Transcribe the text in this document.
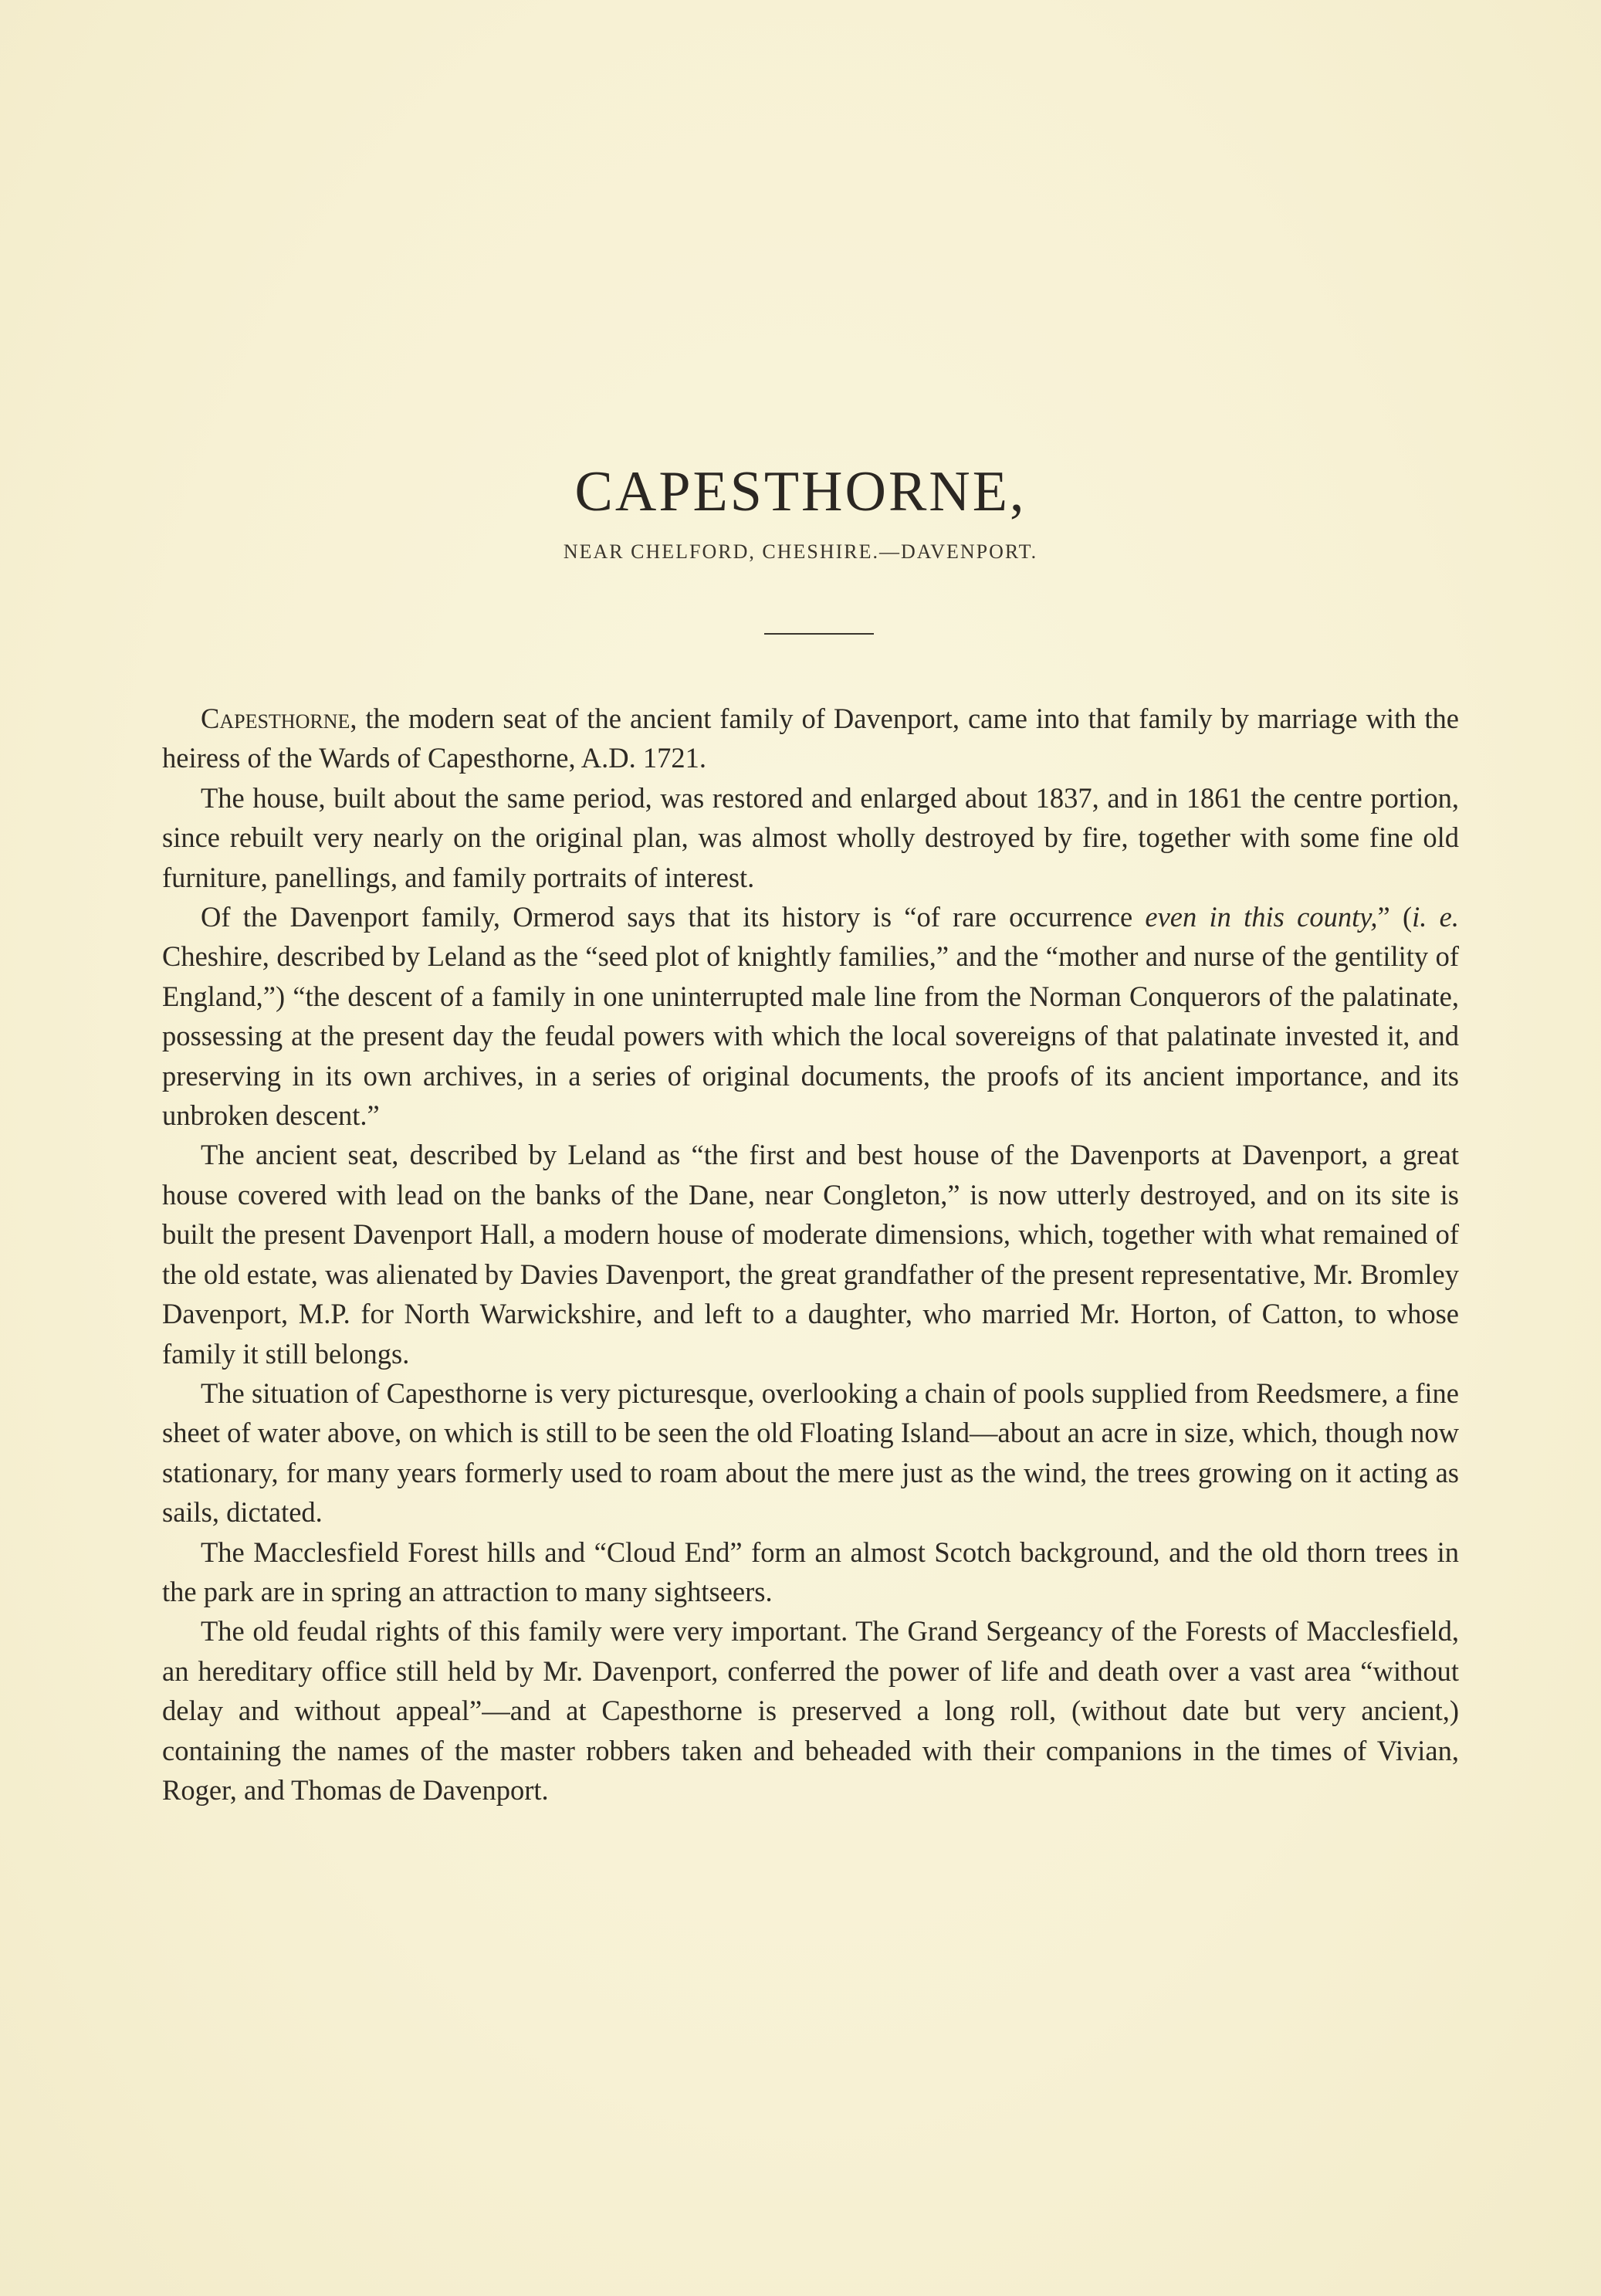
CAPESTHORNE,
NEAR CHELFORD, CHESHIRE.—DAVENPORT.

Capesthorne, the modern seat of the ancient family of Davenport, came into that family by marriage with the heiress of the Wards of Capesthorne, A.D. 1721.

The house, built about the same period, was restored and enlarged about 1837, and in 1861 the centre portion, since rebuilt very nearly on the original plan, was almost wholly destroyed by fire, together with some fine old furniture, panellings, and family portraits of interest.

Of the Davenport family, Ormerod says that its history is “of rare occurrence even in this county,” (i. e. Cheshire, described by Leland as the “seed plot of knightly families,” and the “mother and nurse of the gentility of England,”) “the descent of a family in one uninterrupted male line from the Norman Conquerors of the palatinate, possessing at the present day the feudal powers with which the local sovereigns of that palatinate invested it, and preserving in its own archives, in a series of original documents, the proofs of its ancient importance, and its unbroken descent.”

The ancient seat, described by Leland as “the first and best house of the Davenports at Davenport, a great house covered with lead on the banks of the Dane, near Congleton,” is now utterly destroyed, and on its site is built the present Davenport Hall, a modern house of moderate dimensions, which, together with what remained of the old estate, was alienated by Davies Davenport, the great grandfather of the present representative, Mr. Bromley Davenport, M.P. for North Warwickshire, and left to a daughter, who married Mr. Horton, of Catton, to whose family it still belongs.

The situation of Capesthorne is very picturesque, overlooking a chain of pools supplied from Reedsmere, a fine sheet of water above, on which is still to be seen the old Floating Island—about an acre in size, which, though now stationary, for many years formerly used to roam about the mere just as the wind, the trees growing on it acting as sails, dictated.

The Macclesfield Forest hills and “Cloud End” form an almost Scotch background, and the old thorn trees in the park are in spring an attraction to many sightseers.

The old feudal rights of this family were very important. The Grand Sergeancy of the Forests of Macclesfield, an hereditary office still held by Mr. Davenport, conferred the power of life and death over a vast area “without delay and without appeal”—and at Capesthorne is preserved a long roll, (without date but very ancient,) containing the names of the master robbers taken and beheaded with their companions in the times of Vivian, Roger, and Thomas de Davenport.
